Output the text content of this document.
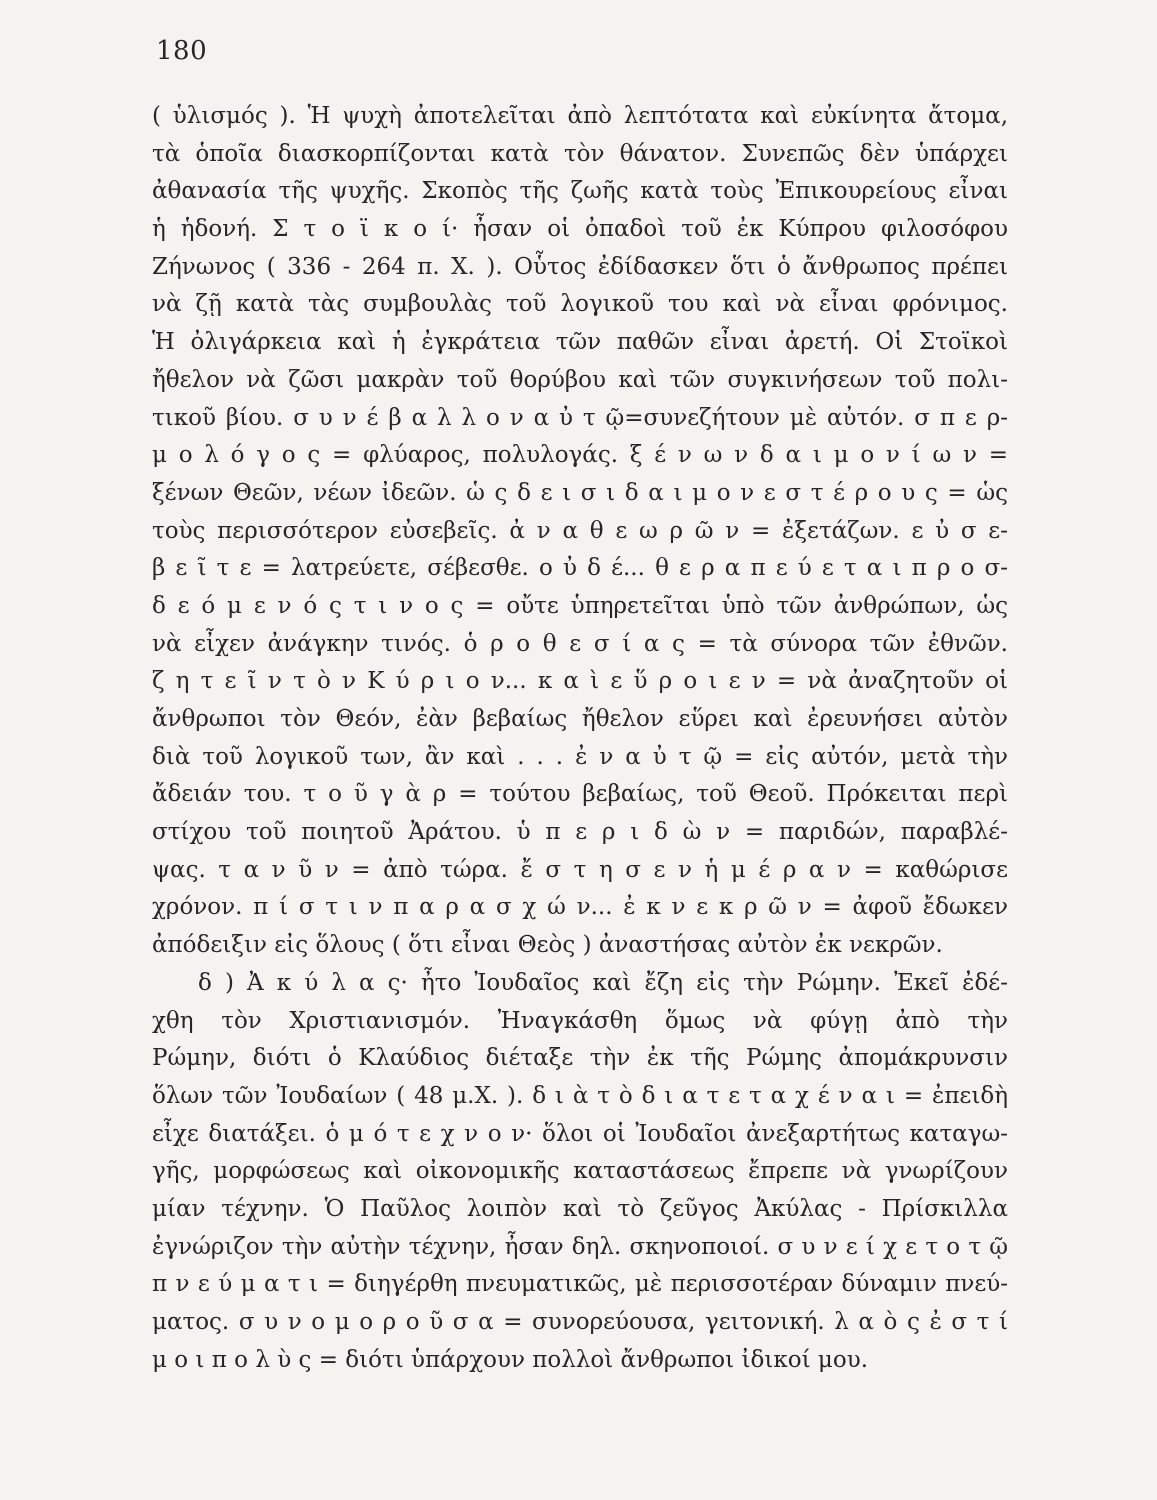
180
( ὑλισμός ). Ἡ ψυχὴ ἀποτελεῖται ἀπὸ λεπτότατα καὶ εὐκίνητα ἄτομα,
τὰ ὁποῖα διασκορπίζονται κατὰ τὸν θάνατον. Συνεπῶς δὲν ὑπάρχει
ἀθανασία τῆς ψυχῆς. Σκοπὸς τῆς ζωῆς κατὰ τοὺς Ἐπικουρείους εἶναι
ἡ ἡδονή. Σ τ ο ϊ κ ο ί· ἦσαν οἱ ὀπαδοὶ τοῦ ἐκ Κύπρου φιλοσόφου
Ζήνωνος ( 336 - 264 π. Χ. ). Οὗτος ἐδίδασκεν ὅτι ὁ ἄνθρωπος πρέπει
νὰ ζῇ κατὰ τὰς συμβουλὰς τοῦ λογικοῦ του καὶ νὰ εἶναι φρόνιμος.
Ἡ ὀλιγάρκεια καὶ ἡ ἐγκράτεια τῶν παθῶν εἶναι ἀρετή. Οἱ Στοϊκοὶ
ἤθελον νὰ ζῶσι μακρὰν τοῦ θορύβου καὶ τῶν συγκινήσεων τοῦ πολι-
τικοῦ βίου. σ υ ν έ β α λ λ ο ν α ὐ τ ῷ=συνεζήτουν μὲ αὐτόν. σ π ε ρ-
μ ο λ ό γ ο ς = φλύαρος, πολυλογάς. ξ έ ν ω ν δ α ι μ ο ν ί ω ν =
ξένων Θεῶν, νέων ἰδεῶν. ὡ ς δ ε ι σ ι δ α ι μ ο ν ε σ τ έ ρ ο υ ς = ὡς
τοὺς περισσότερον εὐσεβεῖς. ἀ ν α θ ε ω ρ ῶ ν = ἐξετάζων. ε ὐ σ ε-
β ε ῖ τ ε = λατρεύετε, σέβεσθε. ο ὐ δ έ... θ ε ρ α π ε ύ ε τ α ι π ρ ο σ-
δ ε ό μ ε ν ό ς τ ι ν ο ς = οὔτε ὑπηρετεῖται ὑπὸ τῶν ἀνθρώπων, ὡς
νὰ εἶχεν ἀνάγκην τινός. ὁ ρ ο θ ε σ ί α ς = τὰ σύνορα τῶν ἐθνῶν.
ζ η τ ε ῖ ν τ ὸ ν Κ ύ ρ ι ο ν... κ α ὶ ε ὕ ρ ο ι ε ν = νὰ ἀναζητοῦν οἱ
ἄνθρωποι τὸν Θεόν, ἐὰν βεβαίως ἤθελον εὕρει καὶ ἐρευνήσει αὐτὸν
διὰ τοῦ λογικοῦ των, ἂν καὶ . . . ἐ ν α ὐ τ ῷ = εἰς αὐτόν, μετὰ τὴν
ἄδειάν του. τ ο ῦ γ ὰ ρ = τούτου βεβαίως, τοῦ Θεοῦ. Πρόκειται περὶ
στίχου τοῦ ποιητοῦ Ἀράτου. ὑ π ε ρ ι δ ὼ ν = παριδών, παραβλέ-
ψας. τ α ν ῦ ν = ἀπὸ τώρα. ἔ σ τ η σ ε ν ἡ μ έ ρ α ν = καθώρισε
χρόνον. π ί σ τ ι ν π α ρ α σ χ ώ ν... ἐ κ ν ε κ ρ ῶ ν = ἀφοῦ ἔδωκεν
ἀπόδειξιν εἰς ὅλους ( ὅτι εἶναι Θεὸς ) ἀναστήσας αὐτὸν ἐκ νεκρῶν.
δ ) Ἀ κ ύ λ α ς· ἦτο Ἰουδαῖος καὶ ἔζη εἰς τὴν Ρώμην. Ἐκεῖ ἐδέ-
χθη τὸν Χριστιανισμόν. Ἠναγκάσθη ὅμως νὰ φύγῃ ἀπὸ τὴν
Ρώμην, διότι ὁ Κλαύδιος διέταξε τὴν ἐκ τῆς Ρώμης ἀπομάκρυνσιν
ὅλων τῶν Ἰουδαίων ( 48 μ.Χ. ). δ ι ὰ τ ὸ δ ι α τ ε τ α χ έ ν α ι = ἐπειδὴ
εἶχε διατάξει. ὁ μ ό τ ε χ ν ο ν· ὅλοι οἱ Ἰουδαῖοι ἀνεξαρτήτως καταγω-
γῆς, μορφώσεως καὶ οἰκονομικῆς καταστάσεως ἔπρεπε νὰ γνωρίζουν
μίαν τέχνην. Ὁ Παῦλος λοιπὸν καὶ τὸ ζεῦγος Ἀκύλας - Πρίσκιλλα
ἐγνώριζον τὴν αὐτὴν τέχνην, ἦσαν δηλ. σκηνοποιοί. σ υ ν ε ί χ ε τ ο τ ῷ
π ν ε ύ μ α τ ι = διηγέρθη πνευματικῶς, μὲ περισσοτέραν δύναμιν πνεύ-
ματος. σ υ ν ο μ ο ρ ο ῦ σ α = συνορεύουσα, γειτονική. λ α ὸ ς ἐ σ τ ί
μ ο ι π ο λ ὺ ς = διότι ὑπάρχουν πολλοὶ ἄνθρωποι ἰδικοί μου.
